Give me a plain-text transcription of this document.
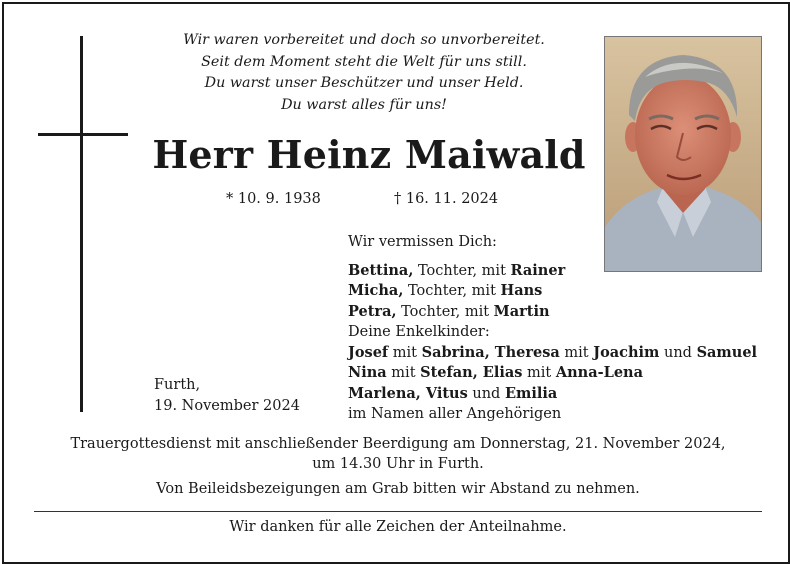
Wir waren vorbereitet und doch so unvorbereitet.
Seit dem Moment steht die Welt für uns still.
Du warst unser Beschützer und unser Held.
Du warst alles für uns!
Herr Heinz Maiwald
* 10. 9. 1938	† 16. 11. 2024
Wir vermissen Dich:
Bettina, Tochter, mit Rainer
Micha, Tochter, mit Hans
Petra, Tochter, mit Martin
Deine Enkelkinder:
Josef mit Sabrina, Theresa mit Joachim und Samuel
Nina mit Stefan, Elias mit Anna-Lena
Marlena, Vitus und Emilia
im Namen aller Angehörigen
Furth,
19. November 2024
Trauergottesdienst mit anschließender Beerdigung am Donnerstag, 21. November 2024,
um 14.30 Uhr in Furth.
Von Beileidsbezeigungen am Grab bitten wir Abstand zu nehmen.
Wir danken für alle Zeichen der Anteilnahme.
